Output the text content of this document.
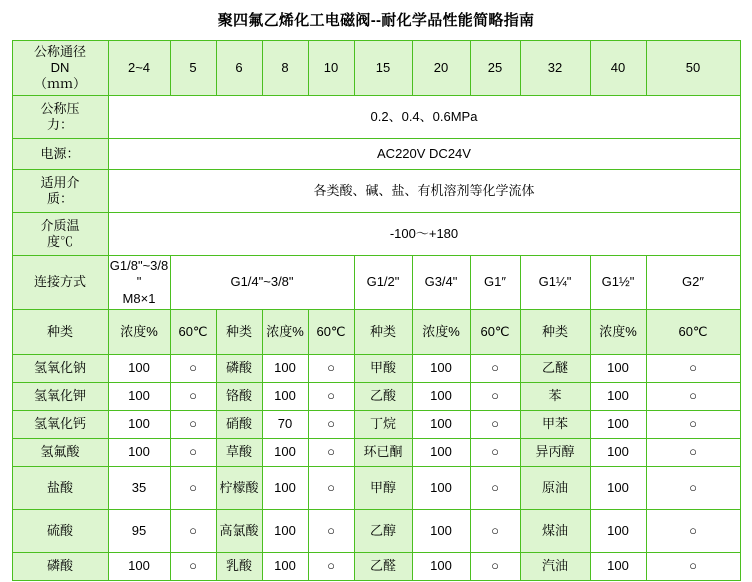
聚四氟乙烯化工电磁阀--耐化学品性能简略指南
公称通径
DN
（ｍｍ）	2~4	5	6	8	10	15	20	25	32	40	50

公称压
力：	0.2、0.4、0.6MPa										
电源：	AC220V DC24V										

适用介
质：	各类酸、碱、盐、有机溶剂等化学流体										

介质温
度℃	-100～+180										
连接方式	G1/8"~3/8"
M8×1	G1/4"~3/8"				G1/2"	G3/4"	G1″	G1¼"	G1½"	G2″
种类	浓度%	60℃	种类	浓度%	60℃	种类	浓度%	60℃	种类	浓度%	60℃
氢氧化钠	100	○	磷酸	100	○	甲酸	100	○	乙醚	100	○
氢氧化钾	100	○	铬酸	100	○	乙酸	100	○	苯	100	○
氢氧化钙	100	○	硝酸	70	○	丁烷	100	○	甲苯	100	○
氢氟酸	100	○	草酸	100	○	环已酮	100	○	异丙醇	100	○
盐酸	35	○	柠檬酸	100	○	甲醇	100	○	原油	100	○
硫酸	95	○	高氯酸	100	○	乙醇	100	○	煤油	100	○
磷酸	100	○	乳酸	100	○	乙醛	100	○	汽油	100	○
